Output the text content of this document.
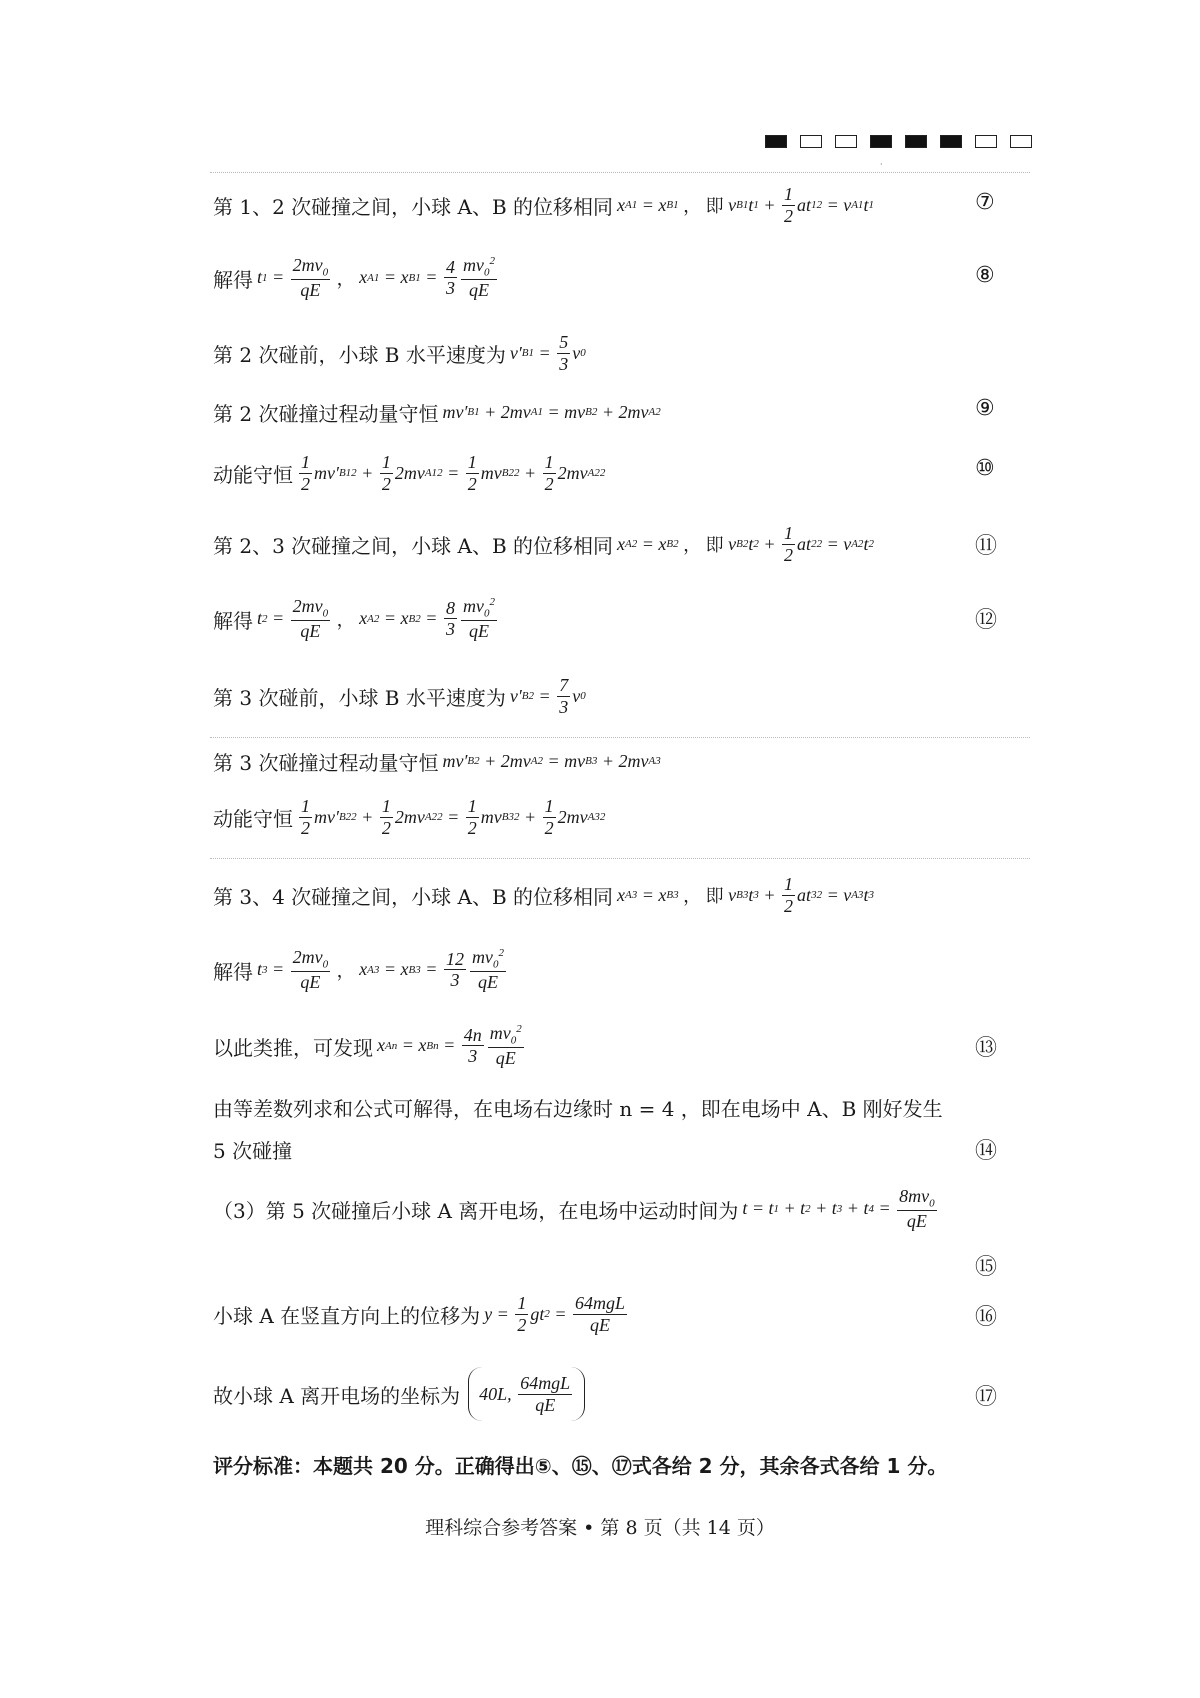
·
第 1、2 次碰撞之间，小球 A、B 的位移相同 x A1 = x B1 ， 即 v B1 t $1 + \frac{1}{2}$ at 1 2 = v A1 t 1	⑦
解得 t $1 = \frac{2mv_0}{qE}$ ， x A1 = x $B1 = \frac{4}{3} \frac{mv_0^2}{qE}$	⑧
第 2 次碰前，小球 B 水平速度为 v′ $B1 = \frac{5}{3}$ v 0
第 2 次碰撞过程动量守恒 mv′ B1 + 2mv A1 = mv B2 + 2mv A2	⑨
动能守恒 $\frac{1}{2} mv'$ B1 $2 + \frac{1}{2} 2mv$ A1 $2 = \frac{1}{2}$ mv B2 $2 + \frac{1}{2} 2mv$ A2 2	⑩
第 2、3 次碰撞之间，小球 A、B 的位移相同 x A2 = x B2 ， 即 v B2 t $2 + \frac{1}{2}$ at 2 2 = v A2 t 2	⑪
解得 t $2 = \frac{2mv_0}{qE}$ ， x A2 = x $B2 = \frac{8}{3} \frac{mv_0^2}{qE}$	⑫
第 3 次碰前，小球 B 水平速度为 v′ $B2 = \frac{7}{3}$ v 0
第 3 次碰撞过程动量守恒 mv′ B2 + 2mv A2 = mv B3 + 2mv A3
动能守恒 $\frac{1}{2} mv'$ B2 $2 + \frac{1}{2} 2mv$ A2 $2 = \frac{1}{2}$ mv B3 $2 + \frac{1}{2} 2mv$ A3 2
第 3、4 次碰撞之间，小球 A、B 的位移相同 x A3 = x B3 ， 即 v B3 t $3 + \frac{1}{2}$ at 3 2 = v A3 t 3
解得 t $3 = \frac{2mv_0}{qE}$ ， x A3 = x $B3 = \frac{12}{3} \frac{mv_0^2}{qE}$
以此类推，可发现 x An = x $Bn = \frac{4n}{3} \frac{mv_0^2}{qE}$	⑬
由等差数列求和公式可解得，在电场右边缘时 n = 4 ，即在电场中 A、B 刚好发生
5 次碰撞	⑭
（3）第 5 次碰撞后小球 A 离开电场，在电场中运动时间为 t = t 1 + t 2 + t 3 + t $4 = \frac{8mv_0}{qE}$
⑮
小球 A 在竖直方向上的位移为 $y = \frac{1}{2}$ gt $2 = \frac{\text{64mgL}}{qE}$	⑯
故小球 A 离开电场的坐标为	40L, $\frac{\text{64mgL}}{qE}$	⑰
评分标准：本题共 20 分。正确得出⑤、⑮、⑰式各给 2 分，其余各式各给 1 分。
理科综合参考答案 • 第 8 页（共 14 页）
